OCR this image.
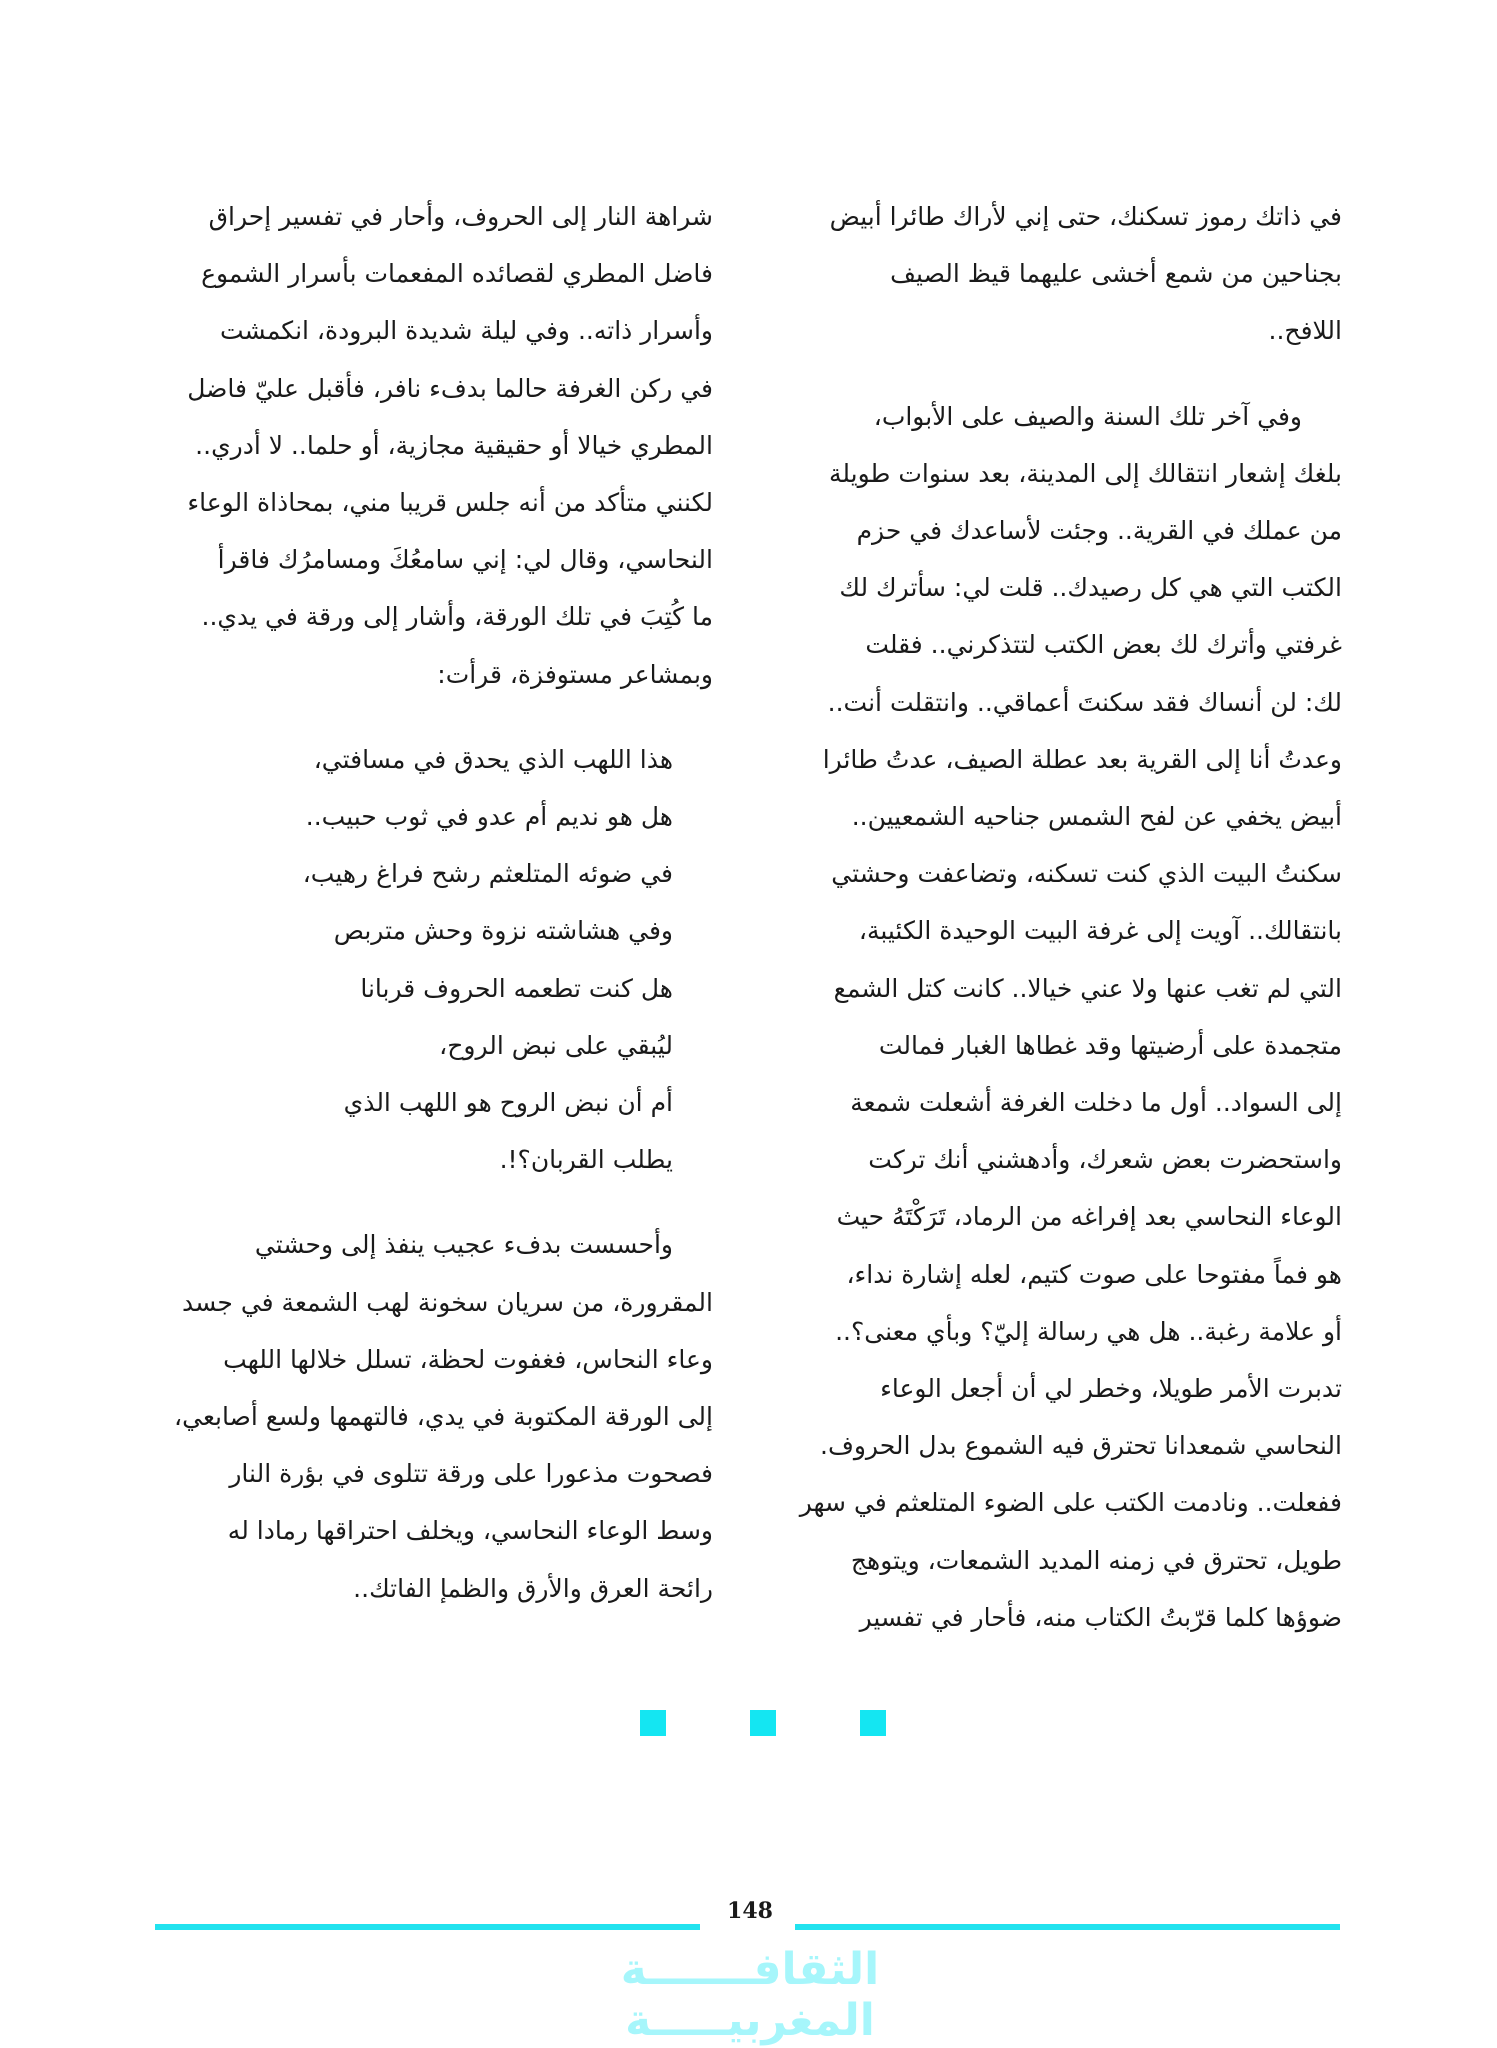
في ذاتك رموز تسكنك، حتى إني لأراك طائرا أبيض

بجناحين من شمع أخشى عليهما قيظ الصيف

اللافح..

وفي آخر تلك السنة والصيف على الأبواب،

بلغك إشعار انتقالك إلى المدينة، بعد سنوات طويلة

من عملك في القرية.. وجئت لأساعدك في حزم

الكتب التي هي كل رصيدك.. قلت لي: سأترك لك

غرفتي وأترك لك بعض الكتب لتتذكرني.. فقلت

لك: لن أنساك فقد سكنتَ أعماقي.. وانتقلت أنت..

وعدتُ أنا إلى القرية بعد عطلة الصيف، عدتُ طائرا

أبيض يخفي عن لفح الشمس جناحيه الشمعيين..

سكنتُ البيت الذي كنت تسكنه، وتضاعفت وحشتي

بانتقالك.. آويت إلى غرفة البيت الوحيدة الكئيبة،

التي لم تغب عنها ولا عني خيالا.. كانت كتل الشمع

متجمدة على أرضيتها وقد غطاها الغبار فمالت

إلى السواد.. أول ما دخلت الغرفة أشعلت شمعة

واستحضرت بعض شعرك، وأدهشني أنك تركت

الوعاء النحاسي بعد إفراغه من الرماد، تَرَكْتَهُ حيث

هو فماً مفتوحا على صوت كتيم، لعله إشارة نداء،

أو علامة رغبة.. هل هي رسالة إليّ؟ وبأي معنى؟..

تدبرت الأمر طويلا، وخطر لي أن أجعل الوعاء

النحاسي شمعدانا تحترق فيه الشموع بدل الحروف.

ففعلت.. ونادمت الكتب على الضوء المتلعثم في سهر

طويل، تحترق في زمنه المديد الشمعات، ويتوهج

ضوؤها كلما قرّبتُ الكتاب منه، فأحار في تفسير

شراهة النار إلى الحروف، وأحار في تفسير إحراق

فاضل المطري لقصائده المفعمات بأسرار الشموع

وأسرار ذاته.. وفي ليلة شديدة البرودة، انكمشت

في ركن الغرفة حالما بدفء نافر، فأقبل عليّ فاضل

المطري خيالا أو حقيقية مجازية، أو حلما.. لا أدري..

لكنني متأكد من أنه جلس قريبا مني، بمحاذاة الوعاء

النحاسي، وقال لي: إني سامعُكَ ومسامرُك فاقرأ

ما كُتِبَ في تلك الورقة، وأشار إلى ورقة في يدي..

وبمشاعر مستوفزة، قرأت:

هذا اللهب الذي يحدق في مسافتي،

هل هو نديم أم عدو في ثوب حبيب..

في ضوئه المتلعثم رشح فراغ رهيب،

وفي هشاشته نزوة وحش متربص

هل كنت تطعمه الحروف قربانا

ليُبقي على نبض الروح،

أم أن نبض الروح هو اللهب الذي

يطلب القربان؟!.

وأحسست بدفء عجيب ينفذ إلى وحشتي

المقرورة، من سريان سخونة لهب الشمعة في جسد

وعاء النحاس، فغفوت لحظة، تسلل خلالها اللهب

إلى الورقة المكتوبة في يدي، فالتهمها ولسع أصابعي،

فصحوت مذعورا على ورقة تتلوى في بؤرة النار

وسط الوعاء النحاسي، ويخلف احتراقها رمادا له

رائحة العرق والأرق والظمإ الفاتك..

148
الثقافـــــــة المغربيـــــة
